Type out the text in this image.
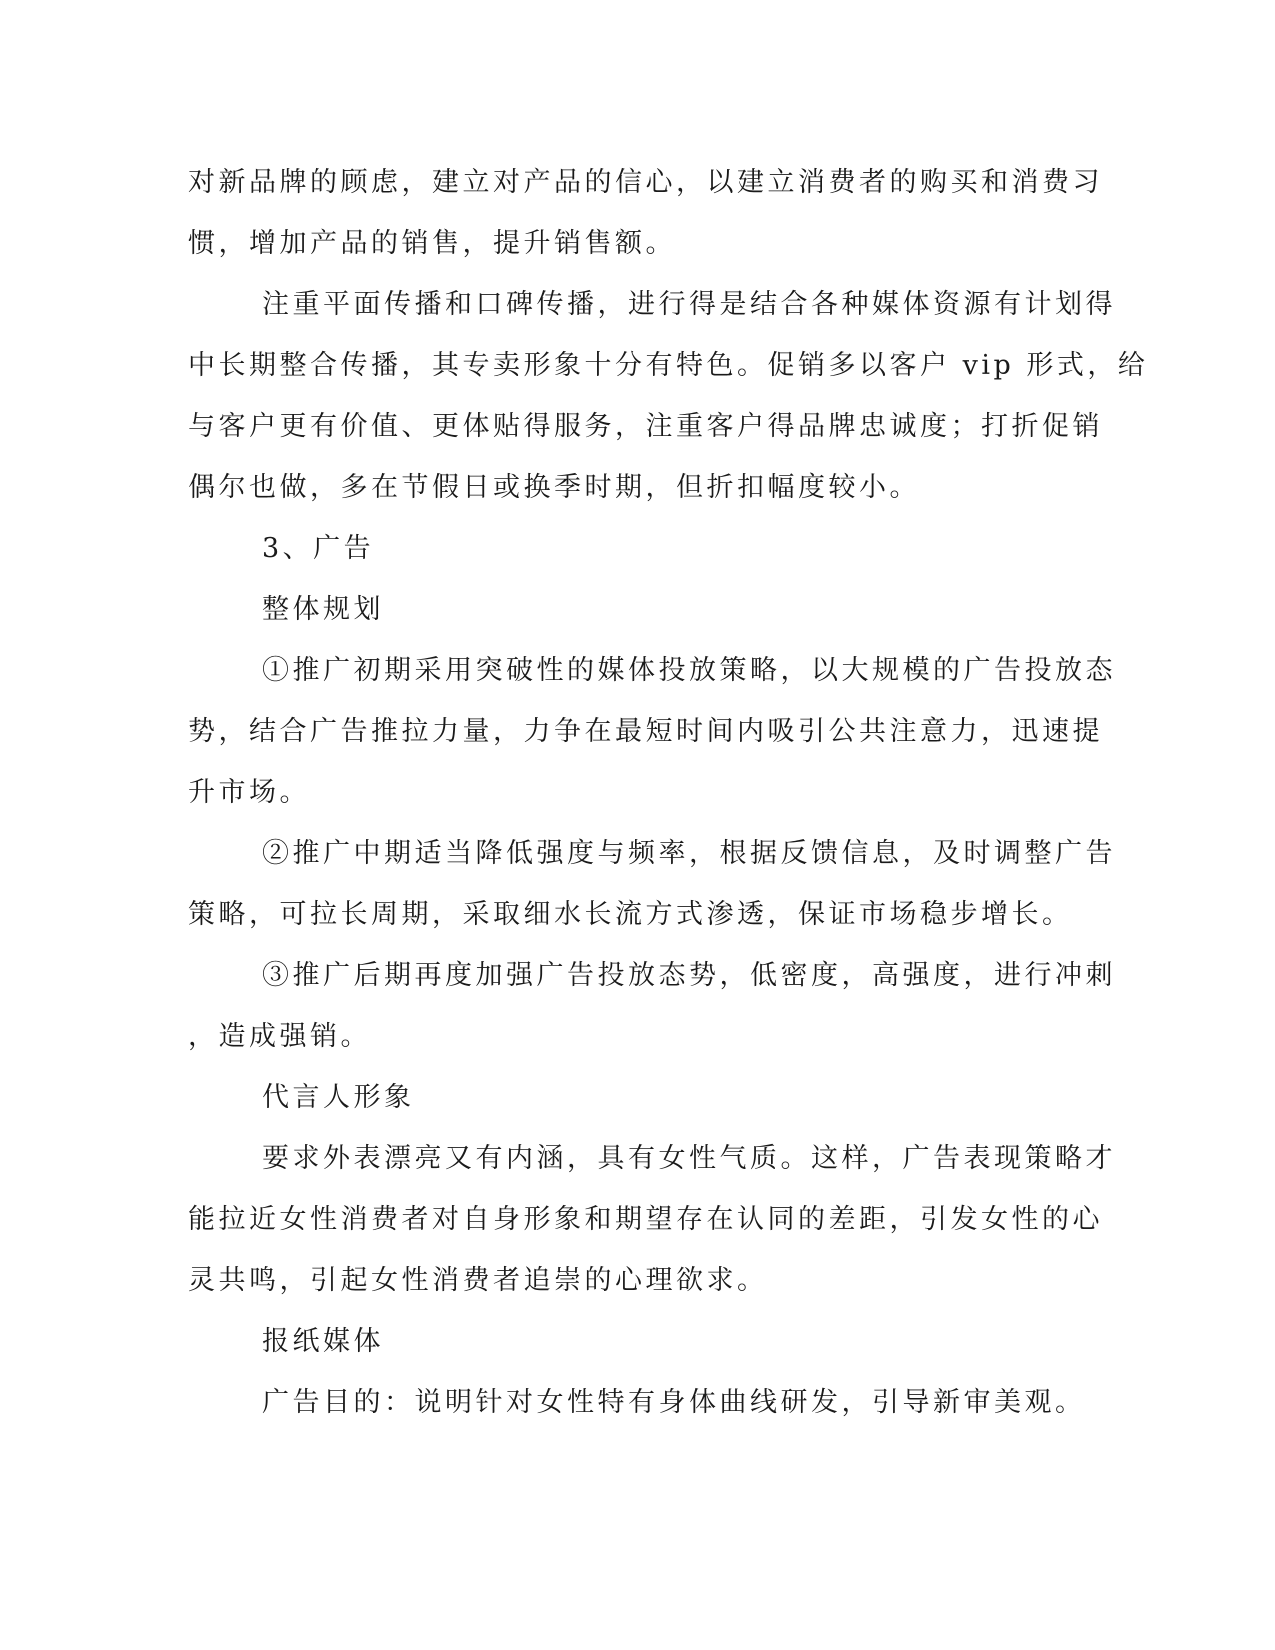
对新品牌的顾虑，建立对产品的信心，以建立消费者的购买和消费习
惯，增加产品的销售，提升销售额。
注重平面传播和口碑传播，进行得是结合各种媒体资源有计划得
中长期整合传播，其专卖形象十分有特色。促销多以客户 vip 形式，给
与客户更有价值、更体贴得服务，注重客户得品牌忠诚度；打折促销
偶尔也做，多在节假日或换季时期，但折扣幅度较小。
3、广告
整体规划
①推广初期采用突破性的媒体投放策略，以大规模的广告投放态
势，结合广告推拉力量，力争在最短时间内吸引公共注意力，迅速提
升市场。
②推广中期适当降低强度与频率，根据反馈信息，及时调整广告
策略，可拉长周期，采取细水长流方式渗透，保证市场稳步增长。
③推广后期再度加强广告投放态势，低密度，高强度，进行冲刺
，造成强销。
代言人形象
要求外表漂亮又有内涵，具有女性气质。这样，广告表现策略才
能拉近女性消费者对自身形象和期望存在认同的差距，引发女性的心
灵共鸣，引起女性消费者追崇的心理欲求。
报纸媒体
广告目的：说明针对女性特有身体曲线研发，引导新审美观。
